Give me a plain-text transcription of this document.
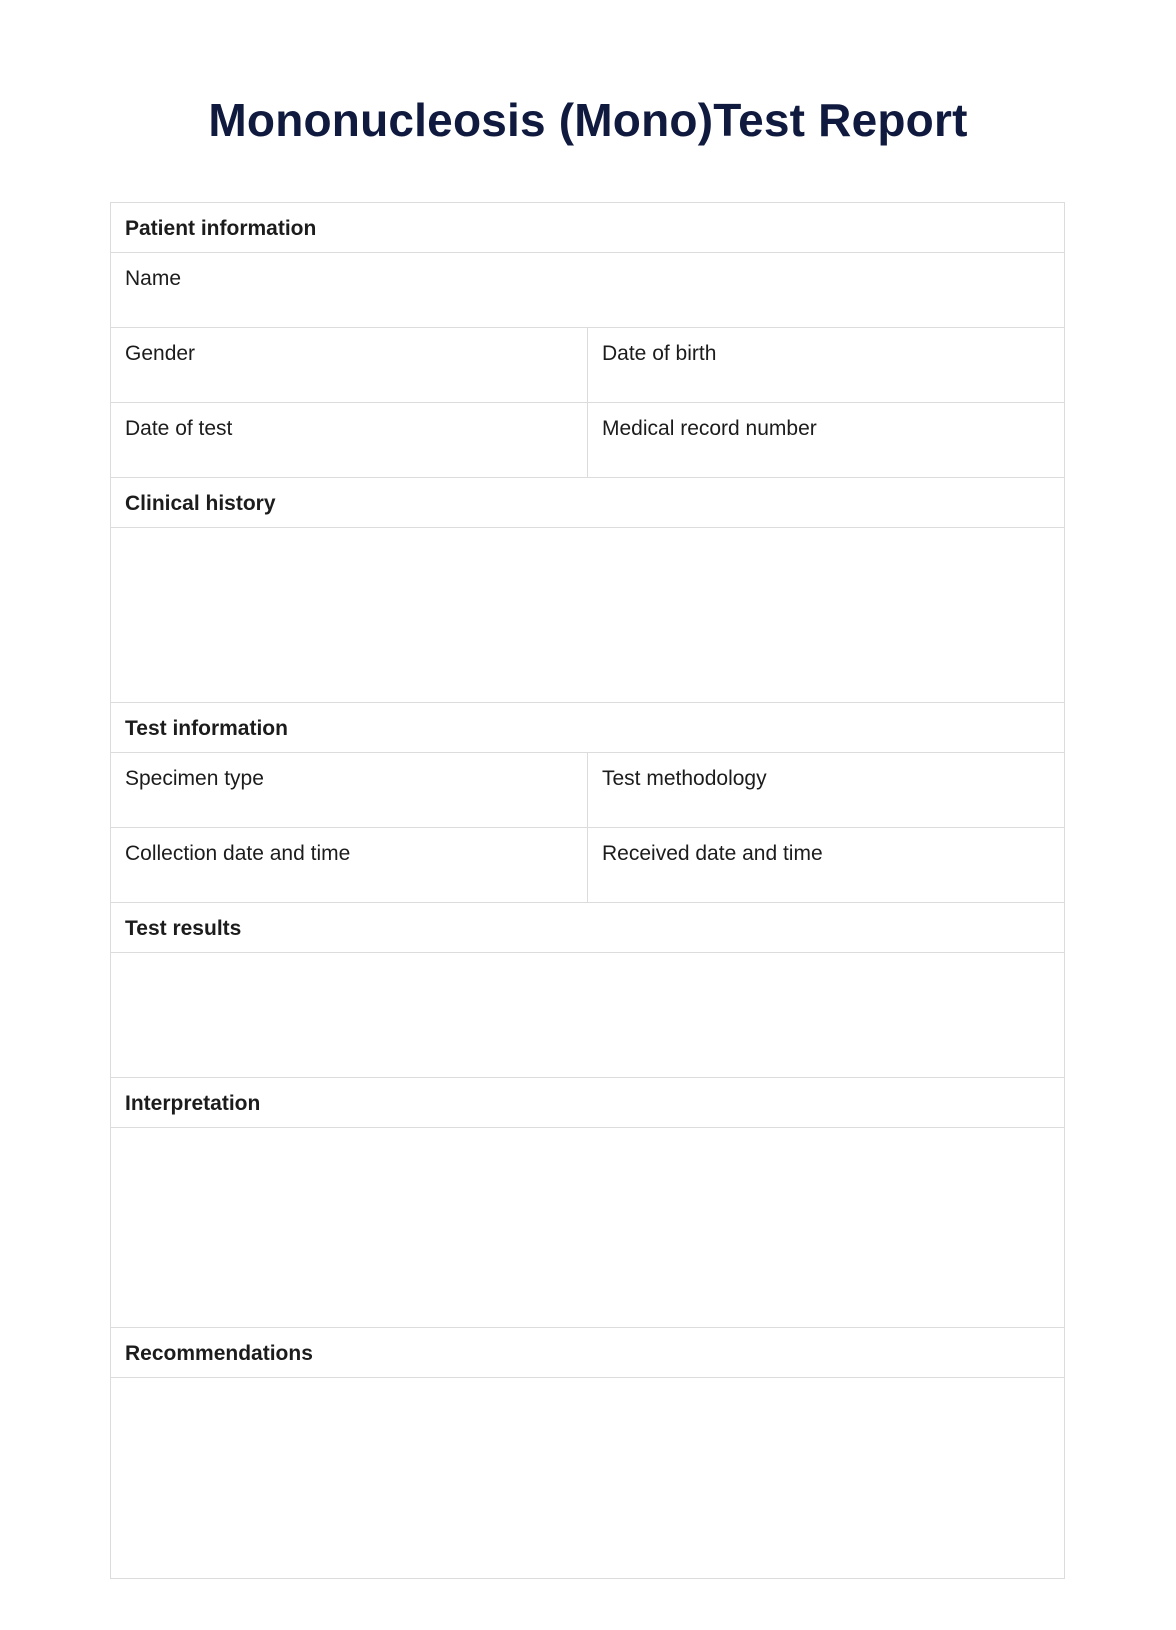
Mononucleosis (Mono)Test Report
Patient information
Name
Gender	Date of birth
Date of test	Medical record number
Clinical history
Test information
Specimen type	Test methodology
Collection date and time	Received date and time
Test results
Interpretation
Recommendations
